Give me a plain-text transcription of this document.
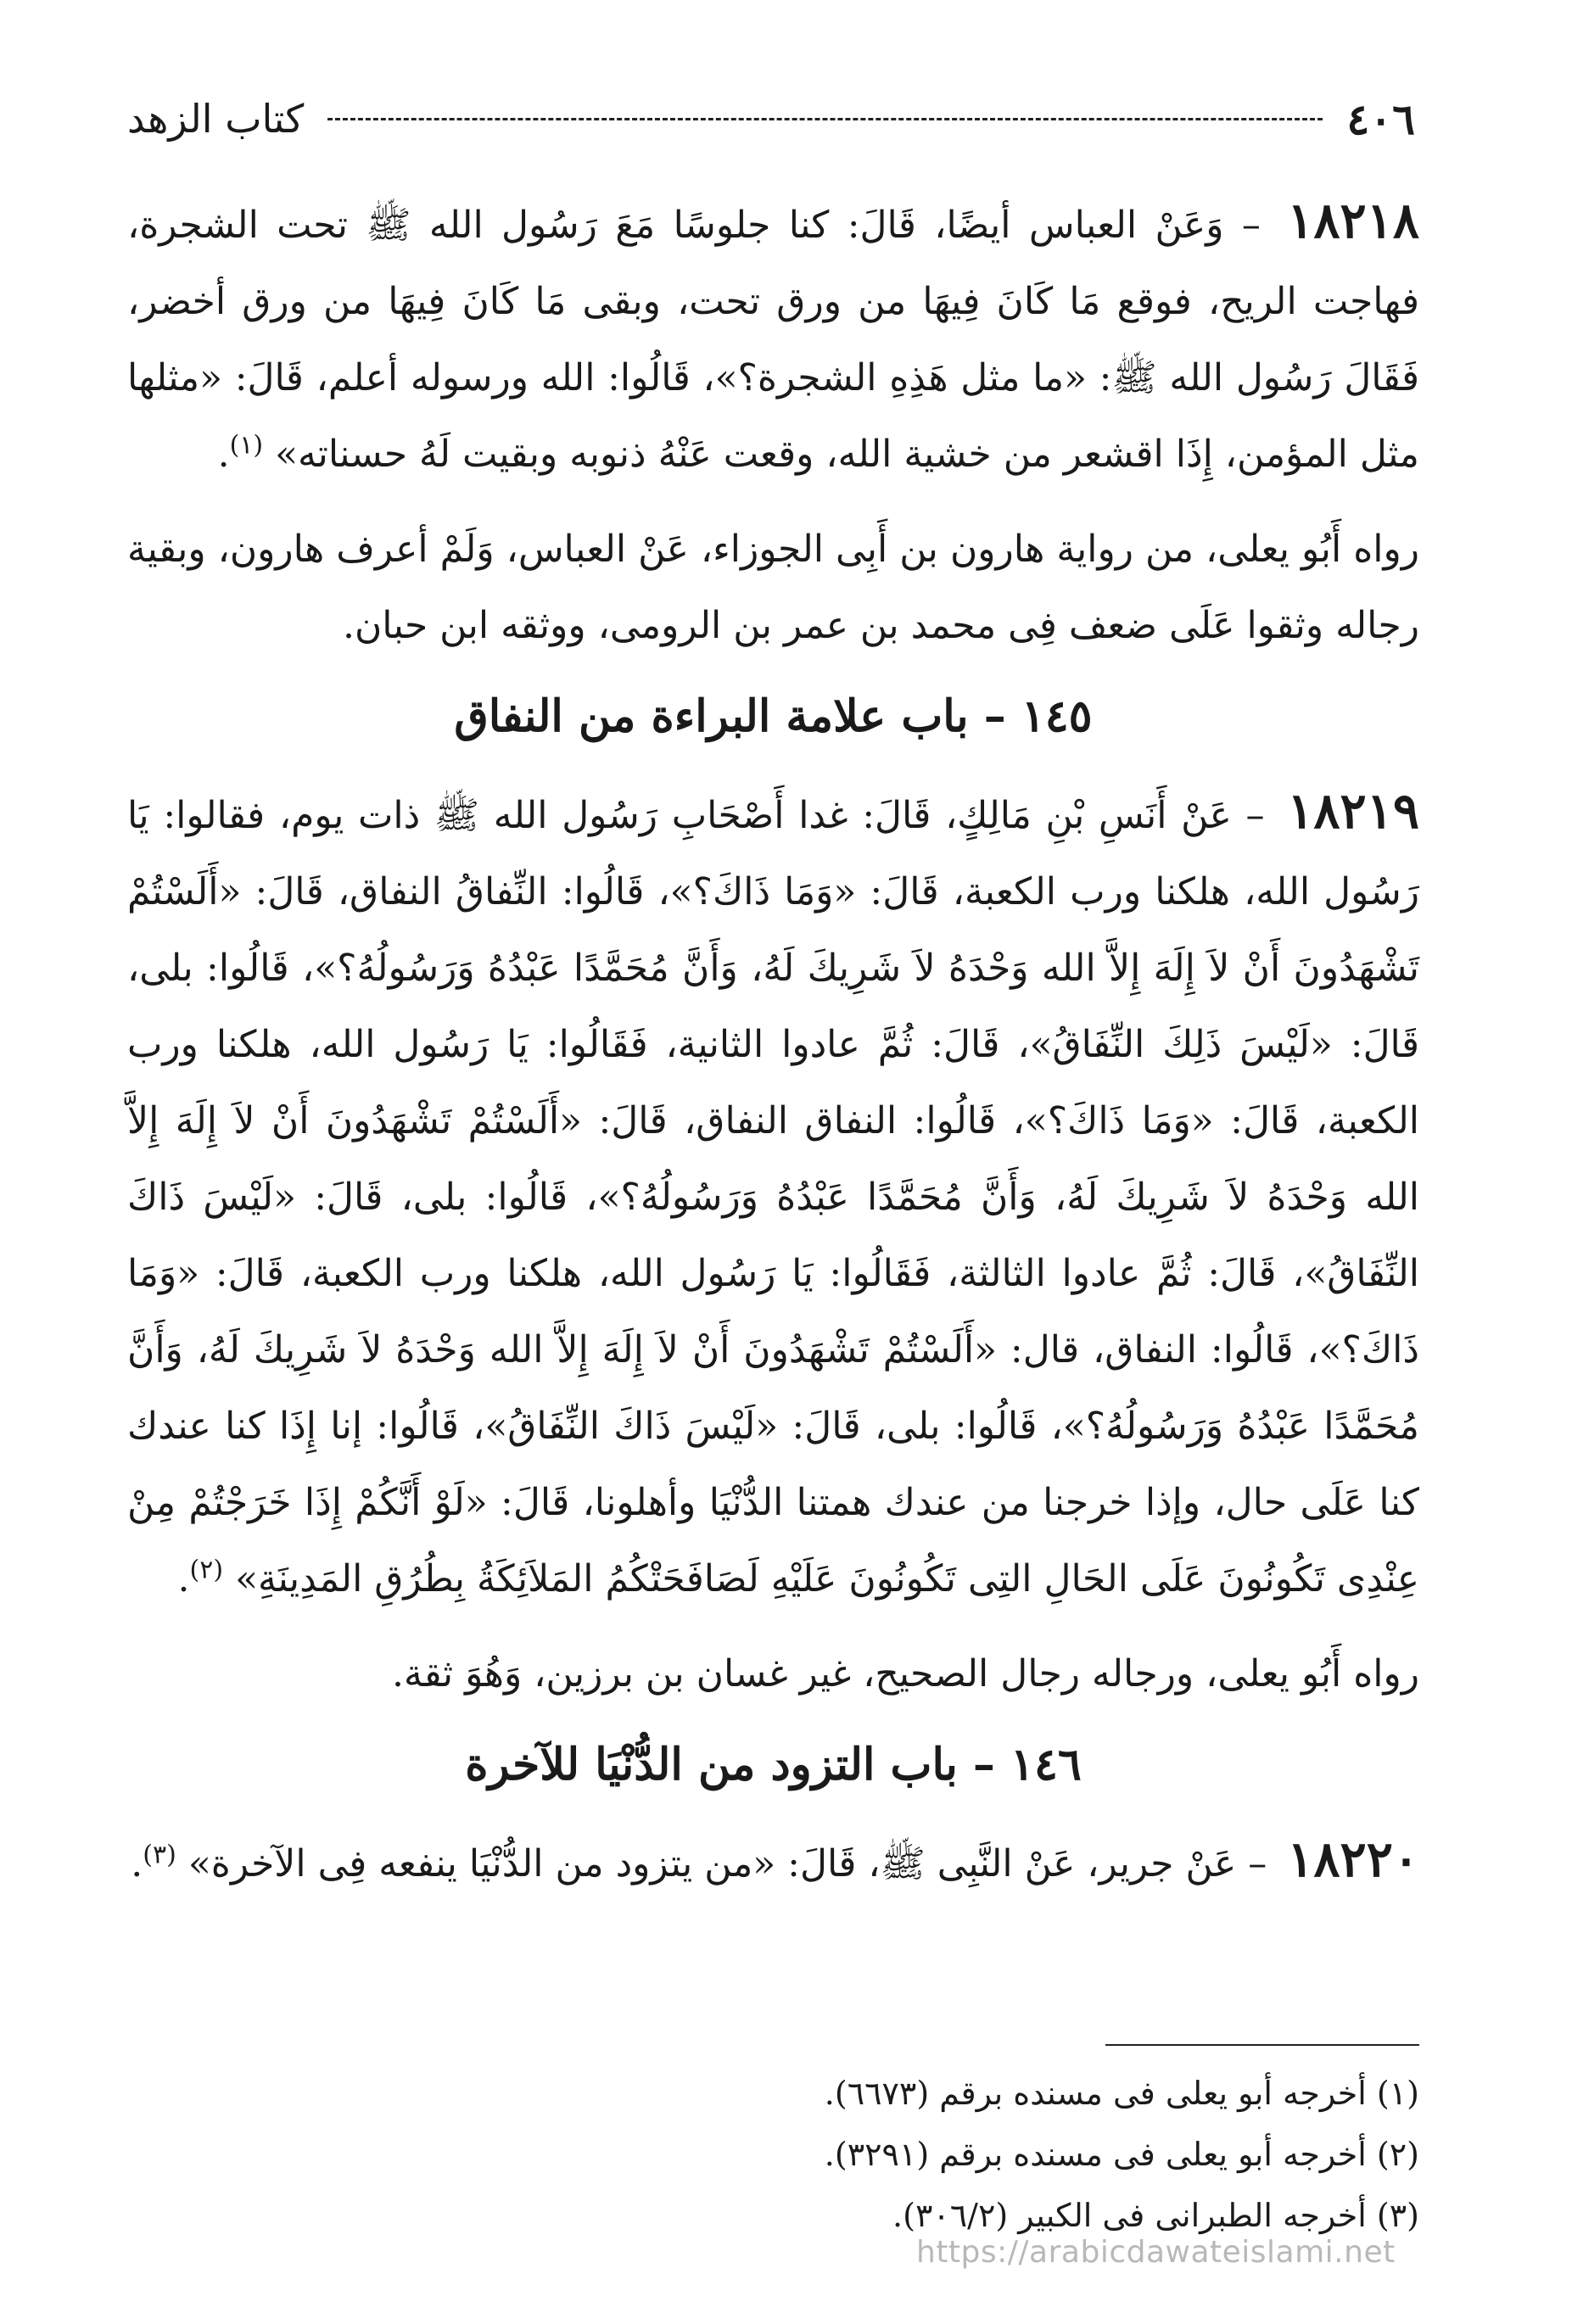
٤٠٦
كتاب الزهد

١٨٢١٨ – وَعَنْ العباس أيضًا، قَالَ: كنا جلوسًا مَعَ رَسُول الله ﷺ تحت الشجرة، فهاجت الريح، فوقع مَا كَانَ فِيهَا من ورق تحت، وبقى مَا كَانَ فِيهَا من ورق أخضر، فَقَالَ رَسُول الله ﷺ: «ما مثل هَذِهِ الشجرة؟»، قَالُوا: الله ورسوله أعلم، قَالَ: «مثلها مثل المؤمن، إِذَا اقشعر من خشية الله، وقعت عَنْهُ ذنوبه وبقيت لَهُ حسناته» $^{(١)}$.

رواه أَبُو يعلى، من رواية هارون بن أَبِى الجوزاء، عَنْ العباس، وَلَمْ أعرف هارون، وبقية رجاله وثقوا عَلَى ضعف فِى محمد بن عمر بن الرومى، ووثقه ابن حبان.

١٤٥ – باب علامة البراءة من النفاق

١٨٢١٩ – عَنْ أَنَسِ بْنِ مَالِكٍ، قَالَ: غدا أَصْحَابِ رَسُول الله ﷺ ذات يوم، فقالوا: يَا رَسُول الله، هلكنا ورب الكعبة، قَالَ: «وَمَا ذَاكَ؟»، قَالُوا: النِّفاقُ النفاق، قَالَ: «أَلَسْتُمْ تَشْهَدُونَ أَنْ لاَ إِلَهَ إِلاَّ الله وَحْدَهُ لاَ شَرِيكَ لَهُ، وَأَنَّ مُحَمَّدًا عَبْدُهُ وَرَسُولُهُ؟»، قَالُوا: بلى، قَالَ: «لَيْسَ ذَلِكَ النِّفَاقُ»، قَالَ: ثُمَّ عادوا الثانية، فَقَالُوا: يَا رَسُول الله، هلكنا ورب الكعبة، قَالَ: «وَمَا ذَاكَ؟»، قَالُوا: النفاق النفاق، قَالَ: «أَلَسْتُمْ تَشْهَدُونَ أَنْ لاَ إِلَهَ إِلاَّ الله وَحْدَهُ لاَ شَرِيكَ لَهُ، وَأَنَّ مُحَمَّدًا عَبْدُهُ وَرَسُولُهُ؟»، قَالُوا: بلى، قَالَ: «لَيْسَ ذَاكَ النِّفَاقُ»، قَالَ: ثُمَّ عادوا الثالثة، فَقَالُوا: يَا رَسُول الله، هلكنا ورب الكعبة، قَالَ: «وَمَا ذَاكَ؟»، قَالُوا: النفاق، قال: «أَلَسْتُمْ تَشْهَدُونَ أَنْ لاَ إِلَهَ إِلاَّ الله وَحْدَهُ لاَ شَرِيكَ لَهُ، وَأَنَّ مُحَمَّدًا عَبْدُهُ وَرَسُولُهُ؟»، قَالُوا: بلى، قَالَ: «لَيْسَ ذَاكَ النِّفَاقُ»، قَالُوا: إنا إِذَا كنا عندك كنا عَلَى حال، وإذا خرجنا من عندك همتنا الدُّنْيَا وأهلونا، قَالَ: «لَوْ أَنَّكُمْ إِذَا خَرَجْتُمْ مِنْ عِنْدِى تَكُونُونَ عَلَى الحَالِ التِى تَكُونُونَ عَلَيْهِ لَصَافَحَتْكُمُ المَلاَئِكَةُ بِطُرُقِ المَدِينَةِ» $^{(٢)}$.

رواه أَبُو يعلى، ورجاله رجال الصحيح، غير غسان بن برزين، وَهُوَ ثقة.

١٤٦ – باب التزود من الدُّنْيَا للآخرة

١٨٢٢٠ – عَنْ جرير، عَنْ النَّبِى ﷺ، قَالَ: «من يتزود من الدُّنْيَا ينفعه فِى الآخرة» $^{(٣)}$.

(١) أخرجه أبو يعلى فى مسنده برقم (٦٦٧٣).

(٢) أخرجه أبو يعلى فى مسنده برقم (٣٢٩١).

(٣) أخرجه الطبرانى فى الكبير (٣٠٦/٢).

https://arabicdawateislami.net
